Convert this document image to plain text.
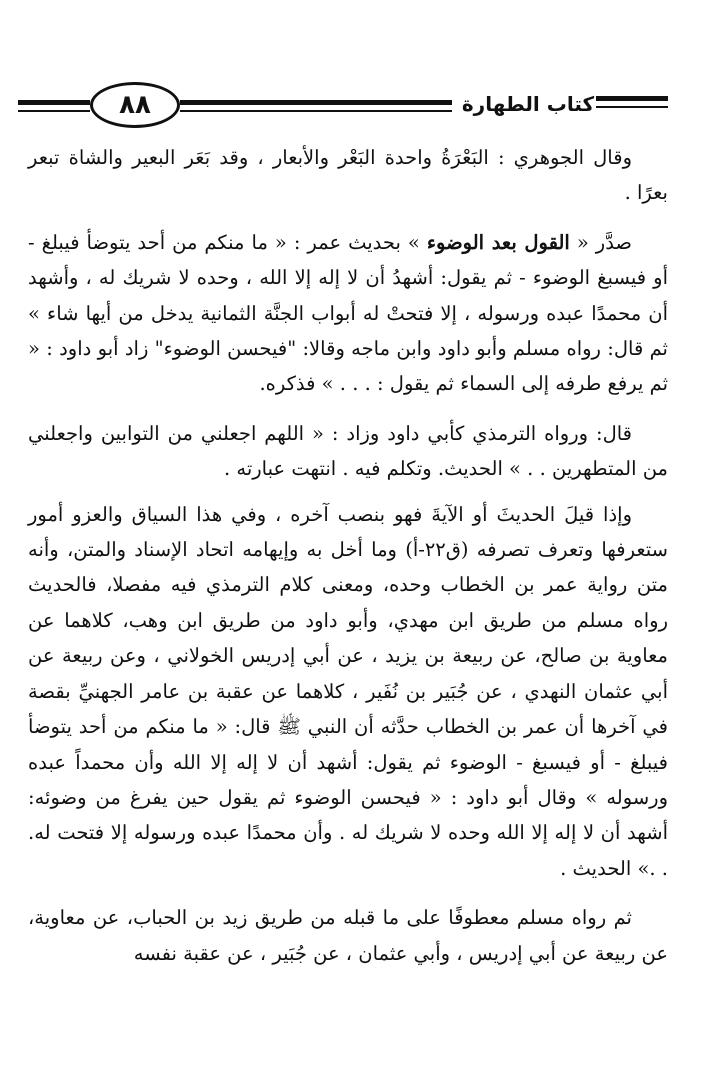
٨٨	كتاب الطهارة

وقال الجوهري : البَعْرَةُ واحدة البَعْر والأبعار ، وقد بَعَر البعير والشاة تبعر بعرًا .

صدَّر « القول بعد الوضوء » بحديث عمر : « ما منكم من أحد يتوضأ فيبلغ - أو فيسبغ الوضوء - ثم يقول: أشهدُ أن لا إله إلا الله ، وحده لا شريك له ، وأشهد أن محمدًا عبده ورسوله ، إلا فتحتْ له أبواب الجنَّة الثمانية يدخل من أيها شاء » ثم قال: رواه مسلم وأبو داود وابن ماجه وقالا: "فيحسن الوضوء" زاد أبو داود : « ثم يرفع طرفه إلى السماء ثم يقول : . . . » فذكره.

قال: ورواه الترمذي كأبي داود وزاد : « اللهم اجعلني من التوابين واجعلني من المتطهرين . . » الحديث. وتكلم فيه . انتهت عبارته .

وإذا قيلَ الحديثَ أو الآيةَ فهو بنصب آخره ، وفي هذا السياق والعزو أمور ستعرفها وتعرف تصرفه (ق٢٢-أ) وما أخل به وإيهامه اتحاد الإسناد والمتن، وأنه متن رواية عمر بن الخطاب وحده، ومعنى كلام الترمذي فيه مفصلا، فالحديث رواه مسلم من طريق ابن مهدي، وأبو داود من طريق ابن وهب، كلاهما عن معاوية بن صالح، عن ربيعة بن يزيد ، عن أبي إدريس الخولاني ، وعن ربيعة عن أبي عثمان النهدي ، عن جُبَير بن نُفَير ، كلاهما عن عقبة بن عامر الجهنيِّ بقصة في آخرها أن عمر بن الخطاب حدَّثه أن النبي ﷺ قال: « ما منكم من أحد يتوضأ فيبلغ - أو فيسبغ - الوضوء ثم يقول: أشهد أن لا إله إلا الله وأن محمداً عبده ورسوله » وقال أبو داود : « فيحسن الوضوء ثم يقول حين يفرغ من وضوئه: أشهد أن لا إله إلا الله وحده لا شريك له . وأن محمدًا عبده ورسوله إلا فتحت له. . .» الحديث .

ثم رواه مسلم معطوفًا على ما قبله من طريق زيد بن الحباب، عن معاوية، عن ربيعة عن أبي إدريس ، وأبي عثمان ، عن جُبَير ، عن عقبة نفسه
